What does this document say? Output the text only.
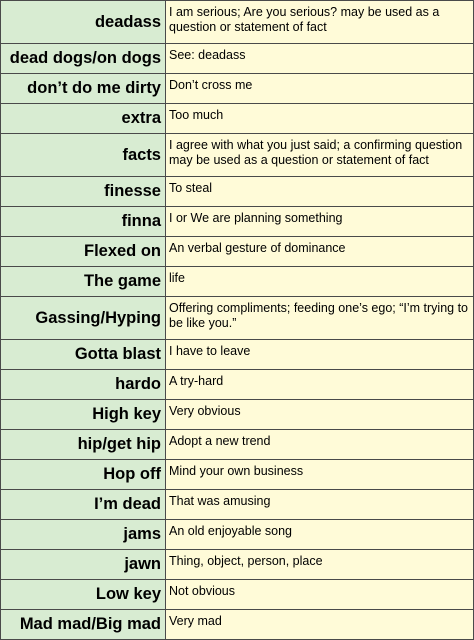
deadass	I am serious; Are you serious? may be used as a question or statement of fact
dead dogs/on dogs	See: deadass
don’t do me dirty	Don’t cross me
extra	Too much
facts	I agree with what you just said; a confirming question may be used as a question or statement of fact
finesse	To steal
finna	I or We are planning something
Flexed on	An verbal gesture of dominance
The game	life
Gassing/Hyping	Offering compliments; feeding one’s ego; “I’m trying to be like you.”
Gotta blast	I have to leave
hardo	A try-hard
High key	Very obvious
hip/get hip	Adopt a new trend
Hop off	Mind your own business
I’m dead	That was amusing
jams	An old enjoyable song
jawn	Thing, object, person, place
Low key	Not obvious
Mad mad/Big mad	Very mad
